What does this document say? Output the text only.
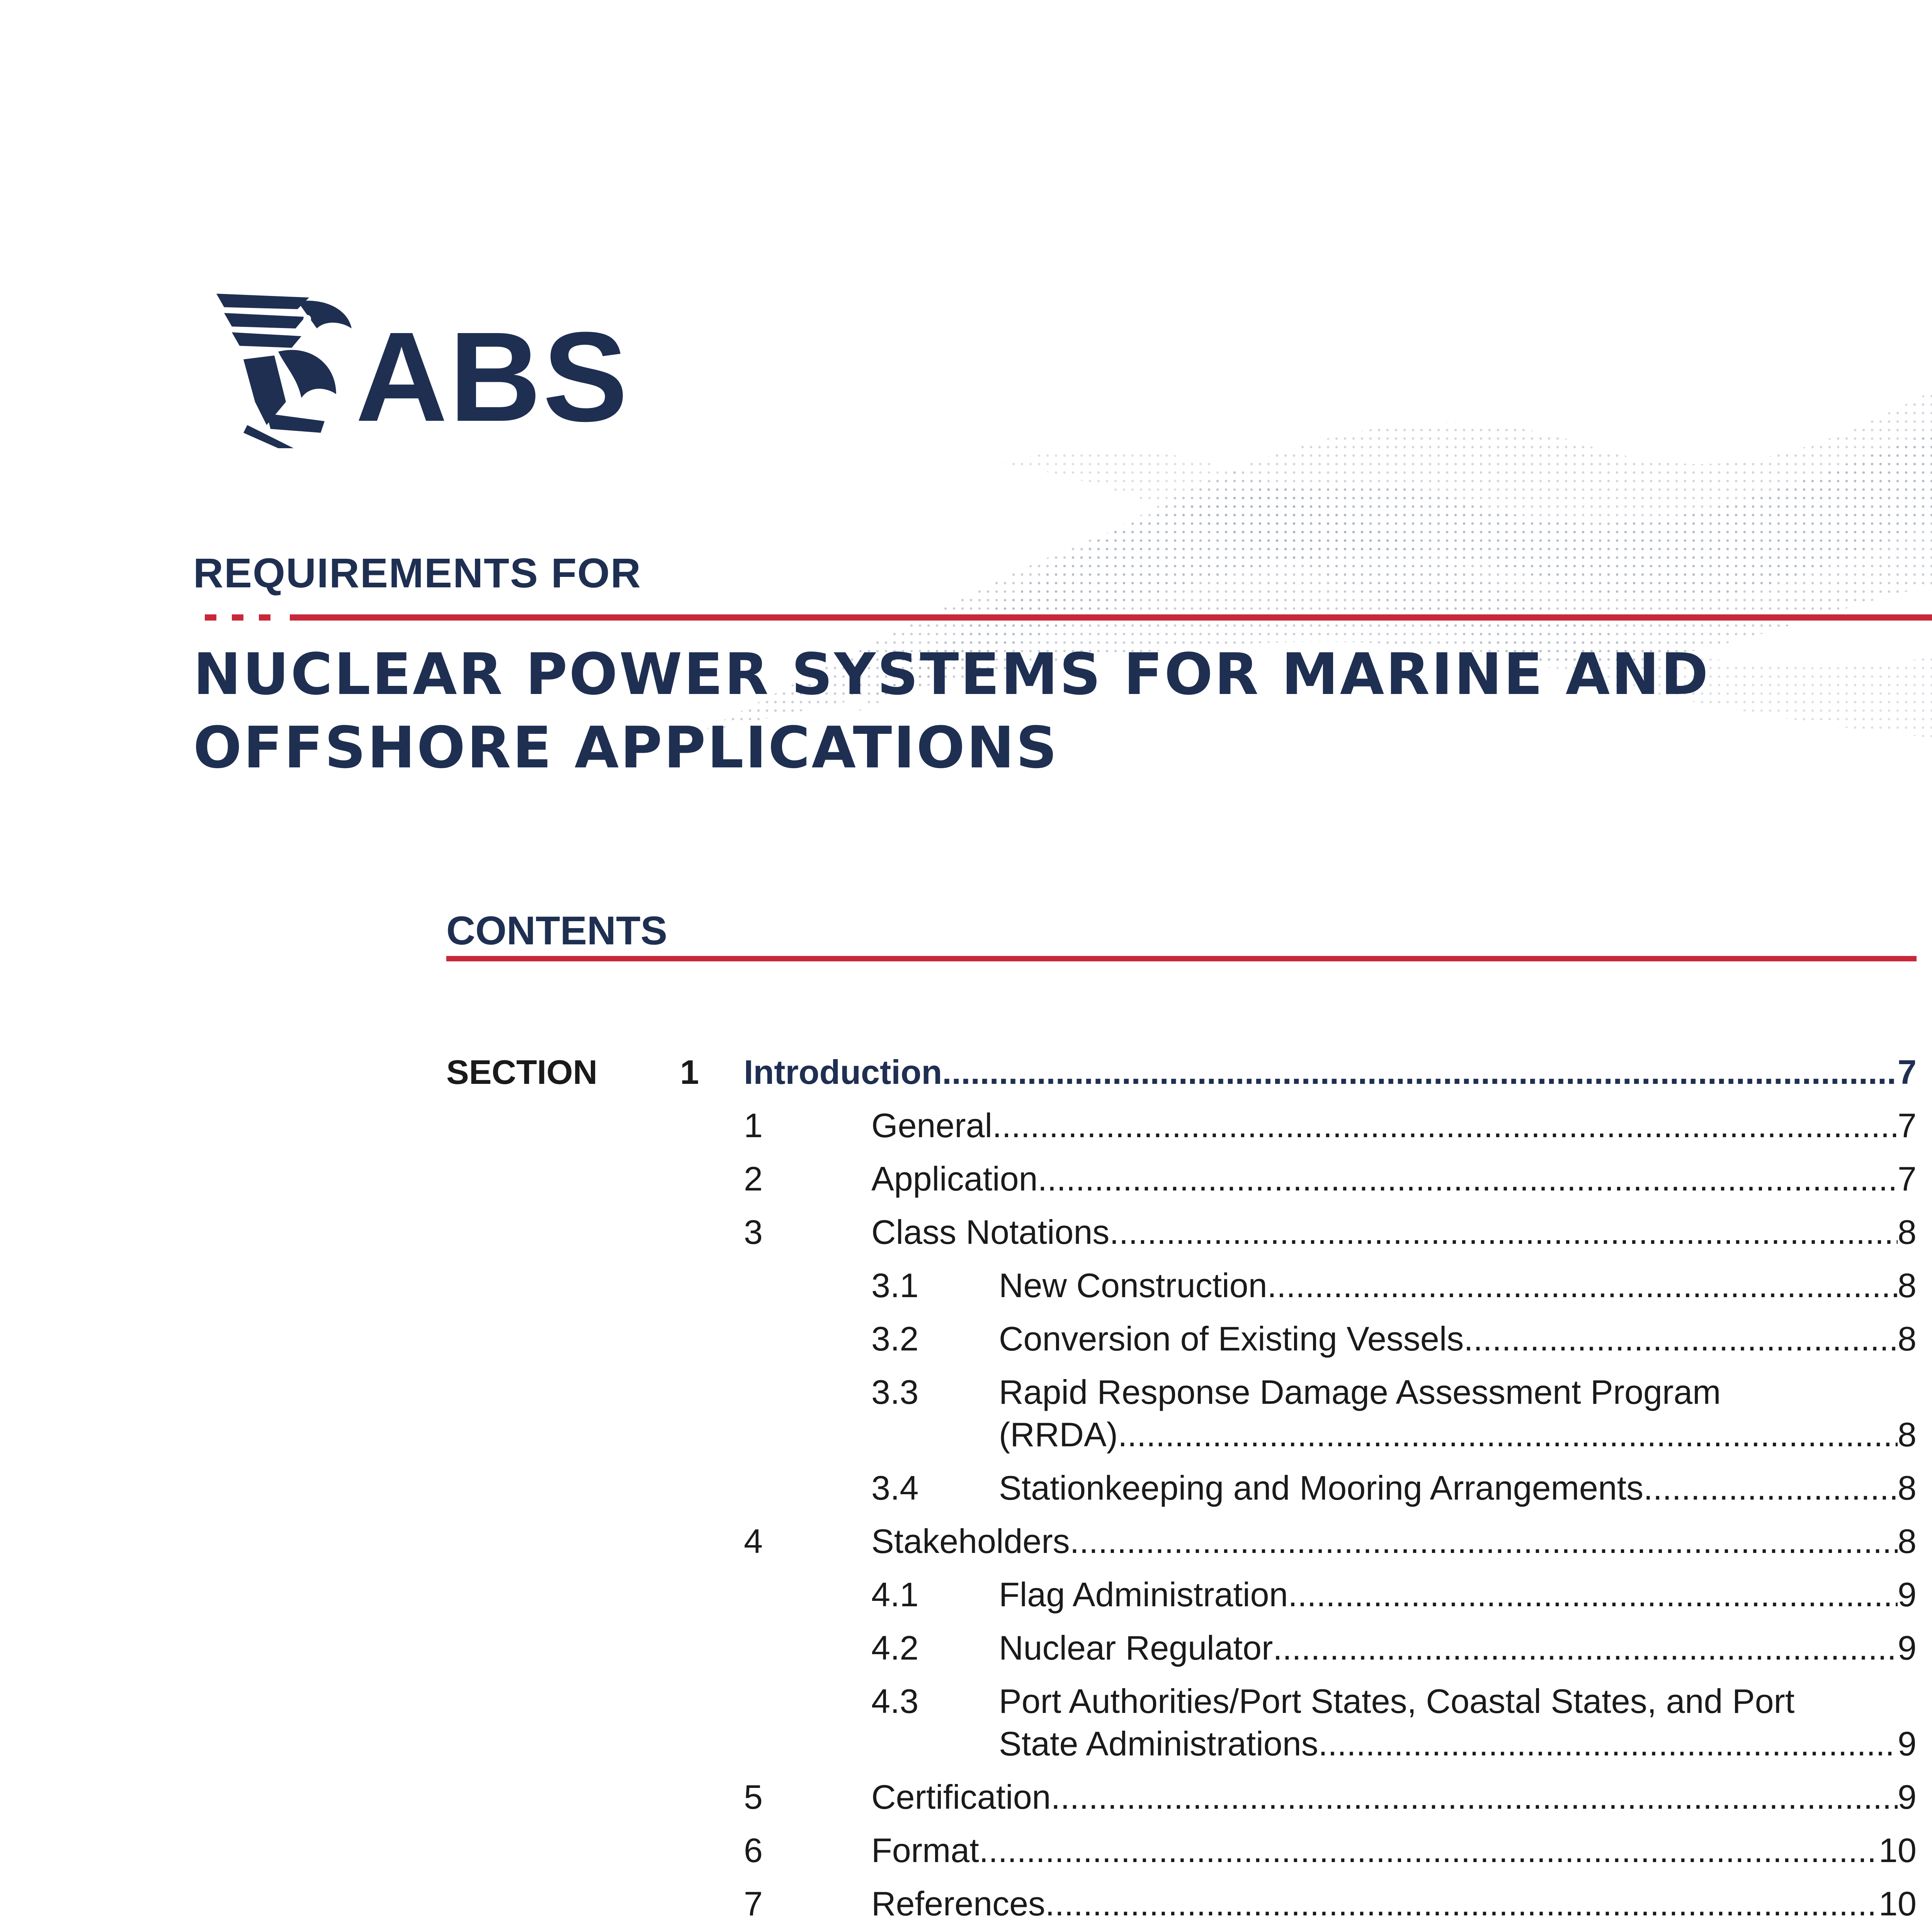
ABS
REQUIREMENTS FOR
NUCLEAR POWER SYSTEMS FOR MARINE AND
OFFSHORE APPLICATIONS
CONTENTS
SECTION 1 Introduction .....	7
1	General .....	7
2	Application .....	7
3	Class Notations .....	8
3.1 New Construction .....	8
3.2 Conversion of Existing Vessels .....	8
3.3 Rapid Response Damage Assessment Program
(RRDA) .....	8
3.4 Stationkeeping and Mooring Arrangements .....	8
4	Stakeholders .....	8
4.1 Flag Administration .....	9
4.2 Nuclear Regulator .....	9
4.3 Port Authorities/Port States, Coastal States, and Port
State Administrations .....	9
5	Certification .....	9
6	Format .....	10
7	References .....	10
